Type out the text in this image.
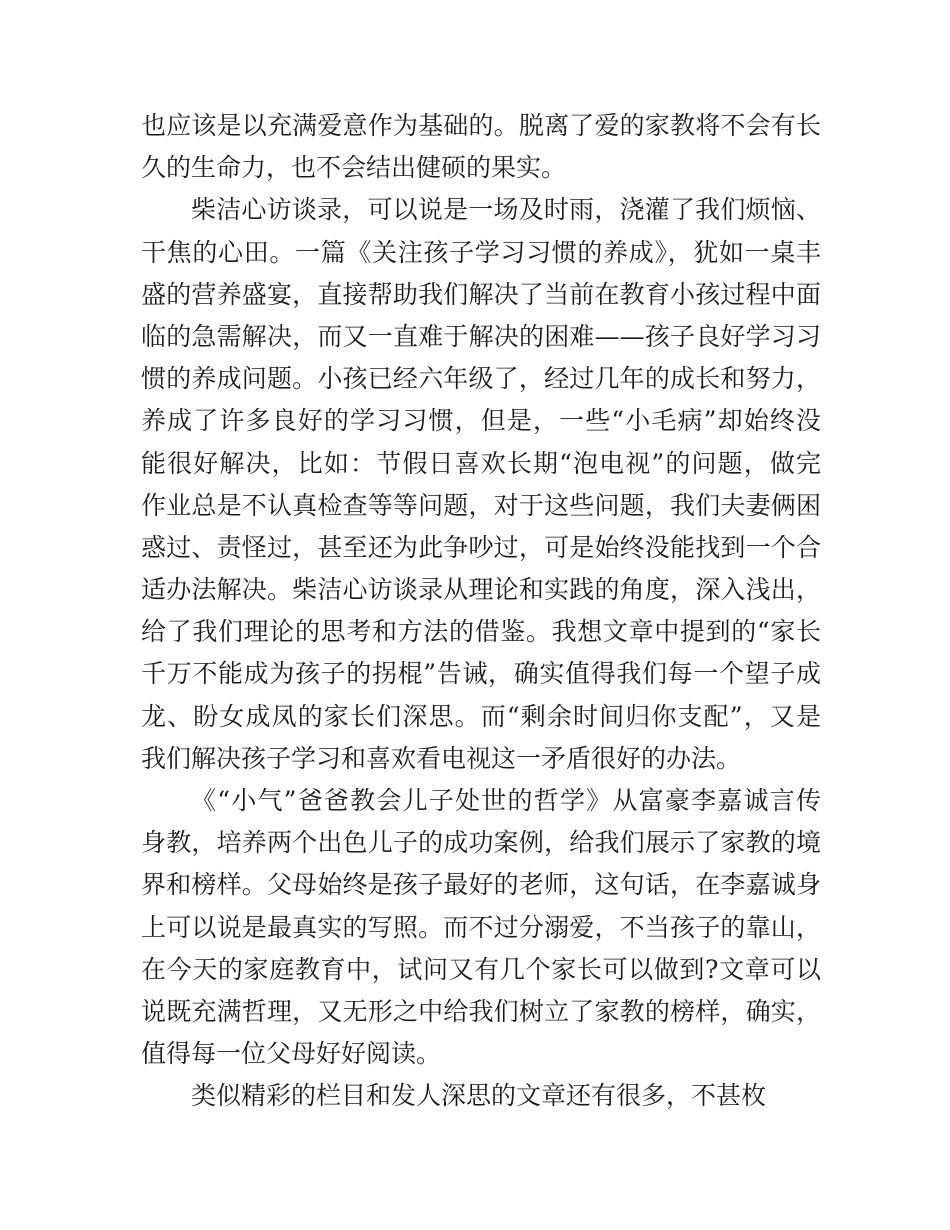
也应该是以充满爱意作为基础的。脱离了爱的家教将不会有长
久的生命力，也不会结出健硕的果实。
柴洁心访谈录，可以说是一场及时雨，浇灌了我们烦恼、
干焦的心田。一篇《关注孩子学习习惯的养成》，犹如一桌丰
盛的营养盛宴，直接帮助我们解决了当前在教育小孩过程中面
临的急需解决，而又一直难于解决的困难——孩子良好学习习
惯的养成问题。小孩已经六年级了，经过几年的成长和努力，
养成了许多良好的学习习惯，但是，一些“小毛病”却始终没
能很好解决，比如：节假日喜欢长期“泡电视”的问题，做完
作业总是不认真检查等等问题，对于这些问题，我们夫妻俩困
惑过、责怪过，甚至还为此争吵过，可是始终没能找到一个合
适办法解决。柴洁心访谈录从理论和实践的角度，深入浅出，
给了我们理论的思考和方法的借鉴。我想文章中提到的“家长
千万不能成为孩子的拐棍”告诫，确实值得我们每一个望子成
龙、盼女成凤的家长们深思。而“剩余时间归你支配”，又是
我们解决孩子学习和喜欢看电视这一矛盾很好的办法。
《“小气”爸爸教会儿子处世的哲学》从富豪李嘉诚言传
身教，培养两个出色儿子的成功案例，给我们展示了家教的境
界和榜样。父母始终是孩子最好的老师，这句话，在李嘉诚身
上可以说是最真实的写照。而不过分溺爱，不当孩子的靠山，
在今天的家庭教育中，试问又有几个家长可以做到?文章可以
说既充满哲理，又无形之中给我们树立了家教的榜样，确实，
值得每一位父母好好阅读。
类似精彩的栏目和发人深思的文章还有很多，不甚枚
